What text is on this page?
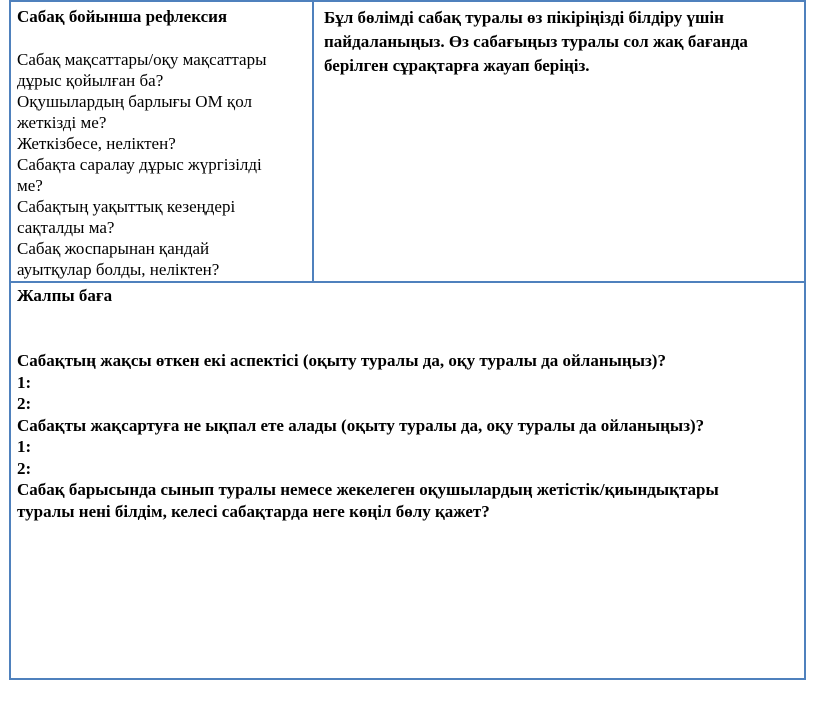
Сабақ бойынша рефлексия

Сабақ мақсаттары/оқу мақсаттары

дұрыс қойылған ба?

Оқушылардың барлығы ОМ қол

жеткізді ме?

Жеткізбесе, неліктен?

Сабақта саралау дұрыс жүргізілді

ме?

Сабақтың уақыттық кезеңдері

сақталды ма?

Сабақ жоспарынан қандай

ауытқулар болды, неліктен?

Бұл бөлімді сабақ туралы өз пікіріңізді білдіру үшін

пайдаланыңыз. Өз сабағыңыз туралы сол жақ бағанда

берілген сұрақтарға жауап беріңіз.

Жалпы баға

Сабақтың жақсы өткен екі аспектісі (оқыту туралы да, оқу туралы да ойланыңыз)?

1:

2:

Сабақты жақсартуға не ықпал ете алады (оқыту туралы да, оқу туралы да ойланыңыз)?

1:

2:

Сабақ барысында сынып туралы немесе жекелеген оқушылардың жетістік/қиындықтары

туралы нені білдім, келесі сабақтарда неге көңіл бөлу қажет?
